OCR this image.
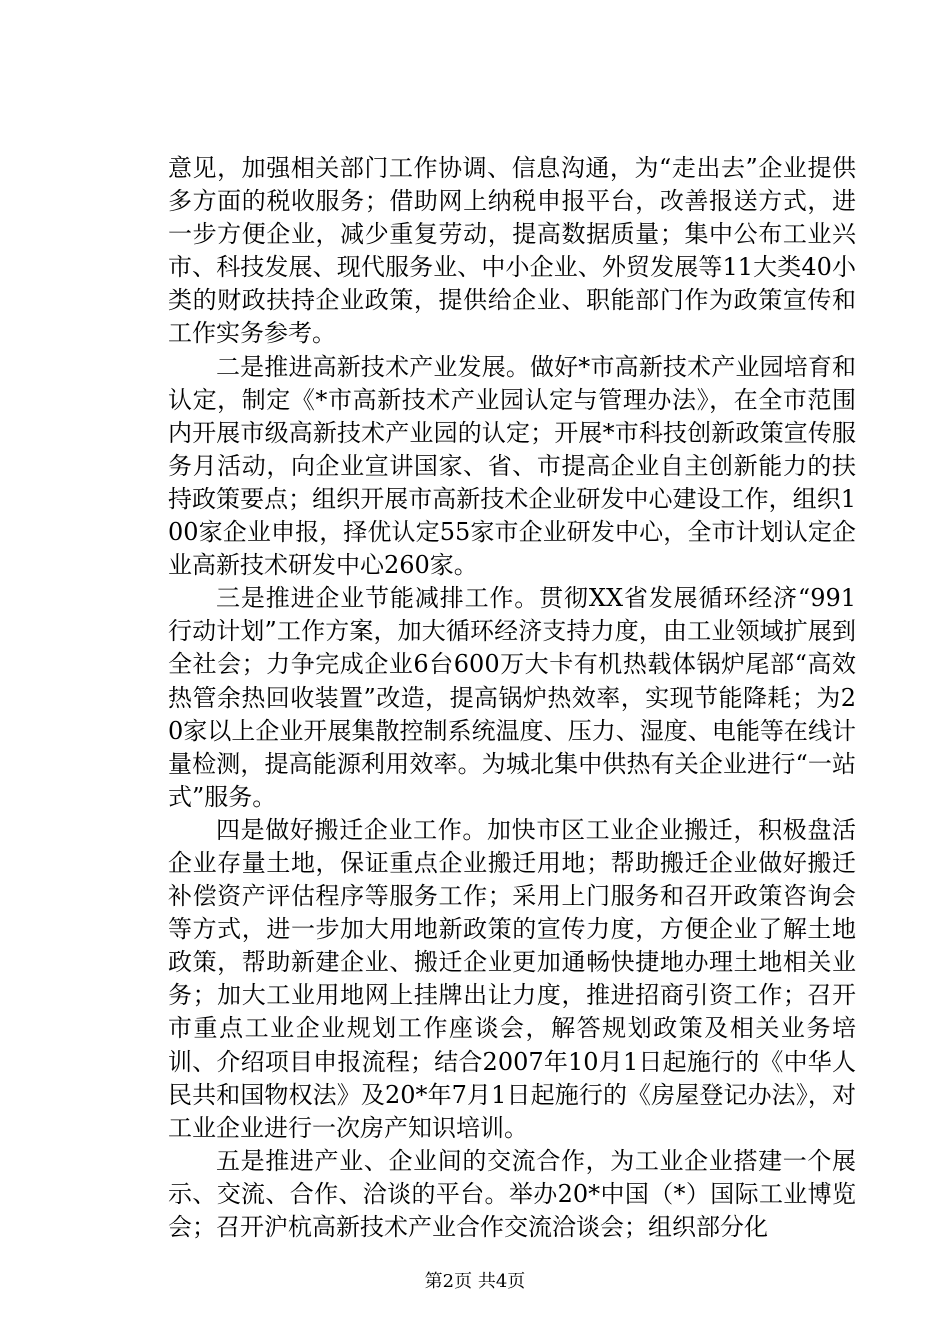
意见，加强相关部门工作协调、信息沟通，为“走出去”企业提供多方面的税收服务；借助网上纳税申报平台，改善报送方式，进一步方便企业，减少重复劳动，提高数据质量；集中公布工业兴市、科技发展、现代服务业、中小企业、外贸发展等11大类40小类的财政扶持企业政策，提供给企业、职能部门作为政策宣传和工作实务参考。

二是推进高新技术产业发展。做好*市高新技术产业园培育和认定，制定《*市高新技术产业园认定与管理办法》，在全市范围内开展市级高新技术产业园的认定；开展*市科技创新政策宣传服务月活动，向企业宣讲国家、省、市提高企业自主创新能力的扶持政策要点；组织开展市高新技术企业研发中心建设工作，组织100家企业申报，择优认定55家市企业研发中心，全市计划认定企业高新技术研发中心260家。

三是推进企业节能减排工作。贯彻XX省发展循环经济“991行动计划”工作方案，加大循环经济支持力度，由工业领域扩展到全社会；力争完成企业6台600万大卡有机热载体锅炉尾部“高效热管余热回收装置”改造，提高锅炉热效率，实现节能降耗；为20家以上企业开展集散控制系统温度、压力、湿度、电能等在线计量检测，提高能源利用效率。为城北集中供热有关企业进行“一站式”服务。

四是做好搬迁企业工作。加快市区工业企业搬迁，积极盘活企业存量土地，保证重点企业搬迁用地；帮助搬迁企业做好搬迁补偿资产评估程序等服务工作；采用上门服务和召开政策咨询会等方式，进一步加大用地新政策的宣传力度，方便企业了解土地政策，帮助新建企业、搬迁企业更加通畅快捷地办理土地相关业务；加大工业用地网上挂牌出让力度，推进招商引资工作；召开市重点工业企业规划工作座谈会，解答规划政策及相关业务培训、介绍项目申报流程；结合2007年10月1日起施行的《中华人民共和国物权法》及20*年7月1日起施行的《房屋登记办法》，对工业企业进行一次房产知识培训。

五是推进产业、企业间的交流合作，为工业企业搭建一个展示、交流、合作、洽谈的平台。举办20*中国（*）国际工业博览会；召开沪杭高新技术产业合作交流洽谈会；组织部分化

第2页 共4页
